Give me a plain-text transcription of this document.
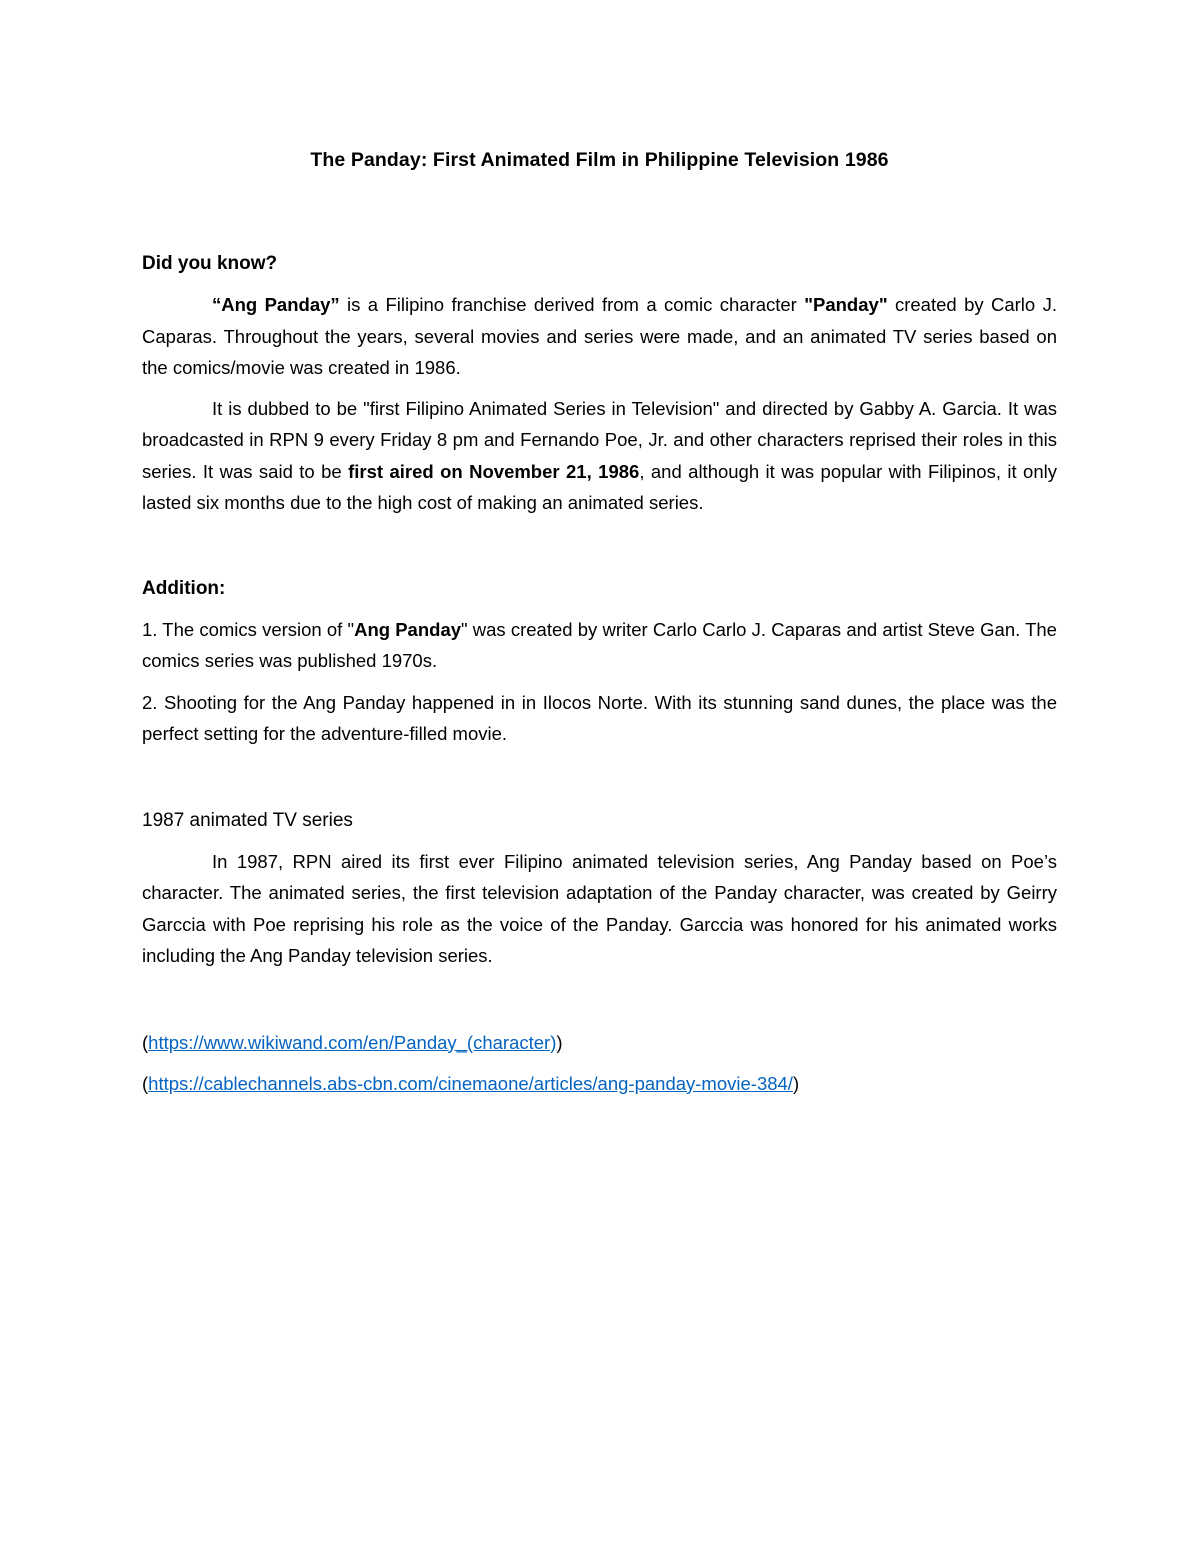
The Panday: First Animated Film in Philippine Television 1986

Did you know?

“Ang Panday” is a Filipino franchise derived from a comic character "Panday" created by Carlo J. Caparas. Throughout the years, several movies and series were made, and an animated TV series based on the comics/movie was created in 1986.

It is dubbed to be "first Filipino Animated Series in Television" and directed by Gabby A. Garcia. It was broadcasted in RPN 9 every Friday 8 pm and Fernando Poe, Jr. and other characters reprised their roles in this series. It was said to be first aired on November 21, 1986, and although it was popular with Filipinos, it only lasted six months due to the high cost of making an animated series.

Addition:

1. The comics version of "Ang Panday" was created by writer Carlo Carlo J. Caparas and artist Steve Gan. The comics series was published 1970s.

2. Shooting for the Ang Panday happened in in Ilocos Norte. With its stunning sand dunes, the place was the perfect setting for the adventure-filled movie.

1987 animated TV series

In 1987, RPN aired its first ever Filipino animated television series, Ang Panday based on Poe’s character. The animated series, the first television adaptation of the Panday character, was created by Geirry Garccia with Poe reprising his role as the voice of the Panday. Garccia was honored for his animated works including the Ang Panday television series.

(https://www.wikiwand.com/en/Panday_(character))

(https://cablechannels.abs-cbn.com/cinemaone/articles/ang-panday-movie-384/)
